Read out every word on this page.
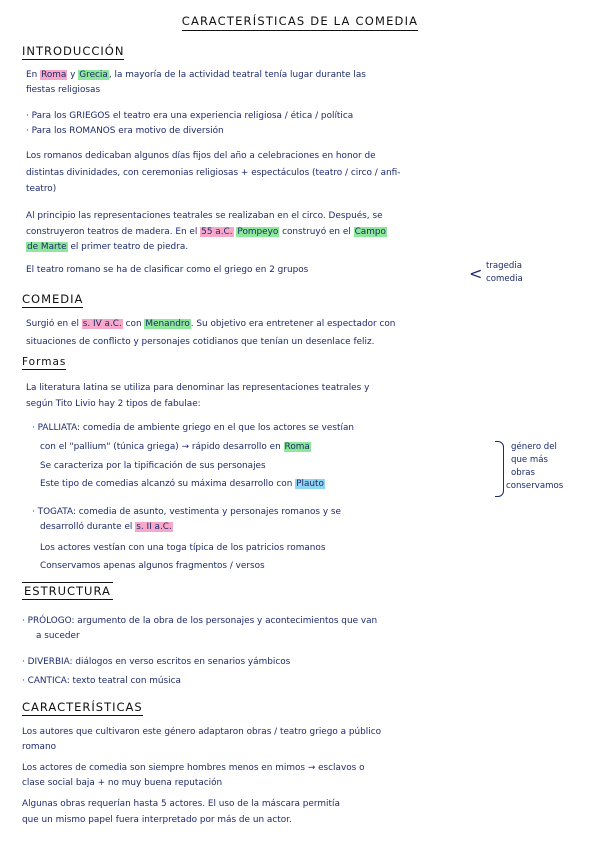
CARACTERÍSTICAS DE LA COMEDIA
INTRODUCCIÓN
En Roma y Grecia, la mayoría de la actividad teatral tenía lugar durante las
fiestas religiosas
· Para los GRIEGOS el teatro era una experiencia religiosa / ética / política
· Para los ROMANOS era motivo de diversión
Los romanos dedicaban algunos días fijos del año a celebraciones en honor de
distintas divinidades, con ceremonias religiosas + espectáculos (teatro / circo / anfi-
teatro)
Al principio las representaciones teatrales se realizaban en el circo. Después, se
construyeron teatros de madera. En el 55 a.C. Pompeyo construyó en el Campo
de Marte el primer teatro de piedra.
El teatro romano se ha de clasificar como el griego en 2 grupos	< tragedia
comedia
COMEDIA
Surgió en el s. IV a.C. con Menandro. Su objetivo era entretener al espectador con
situaciones de conflicto y personajes cotidianos que tenían un desenlace feliz.
Formas
La literatura latina se utiliza para denominar las representaciones teatrales y
según Tito Livio hay 2 tipos de fabulae:
· PALLIATA: comedia de ambiente griego en el que los actores se vestían
con el "pallium" (túnica griega) → rápido desarrollo en Roma
Se caracteriza por la tipificación de sus personajes
Este tipo de comedias alcanzó su máxima desarrollo con Plauto
género del
que más
obras
conservamos
· TOGATA: comedia de asunto, vestimenta y personajes romanos y se
desarrolló durante el s. II a.C.
Los actores vestían con una toga típica de los patricios romanos
Conservamos apenas algunos fragmentos / versos
ESTRUCTURA
· PRÓLOGO: argumento de la obra de los personajes y acontecimientos que van
a suceder
· DIVERBIA: diálogos en verso escritos en senarios yámbicos
· CANTICA: texto teatral con música
CARACTERÍSTICAS
Los autores que cultivaron este género adaptaron obras / teatro griego a público
romano
Los actores de comedia son siempre hombres menos en mimos → esclavos o
clase social baja + no muy buena reputación
Algunas obras requerían hasta 5 actores. El uso de la máscara permitía
que un mismo papel fuera interpretado por más de un actor.
